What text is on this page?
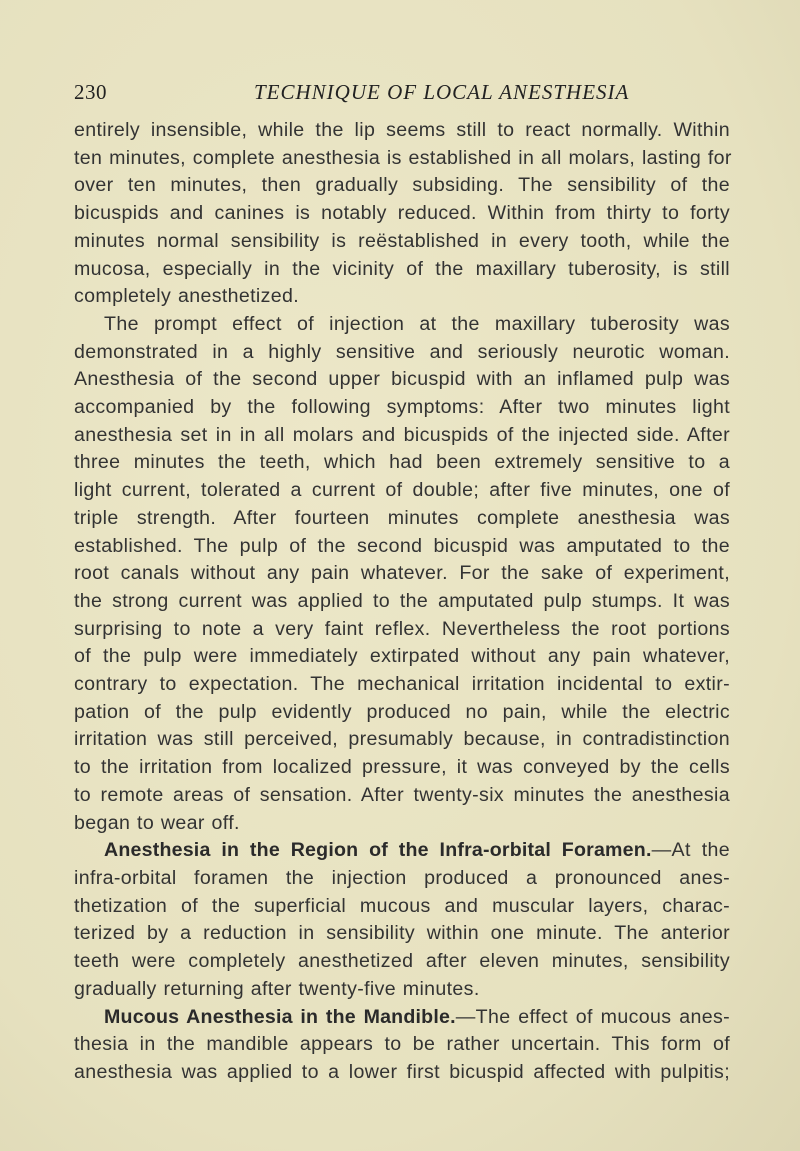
230	TECHNIQUE OF LOCAL ANESTHESIA
entirely insensible, while the lip seems still to react normally. Within
ten minutes, complete anesthesia is established in all molars, lasting for
over ten minutes, then gradually subsiding. The sensibility of the
bicuspids and canines is notably reduced. Within from thirty to forty
minutes normal sensibility is reëstablished in every tooth, while the
mucosa, especially in the vicinity of the maxillary tuberosity, is still
completely anesthetized.
The prompt effect of injection at the maxillary tuberosity was
demonstrated in a highly sensitive and seriously neurotic woman.
Anesthesia of the second upper bicuspid with an inflamed pulp was
accompanied by the following symptoms: After two minutes light
anesthesia set in in all molars and bicuspids of the injected side. After
three minutes the teeth, which had been extremely sensitive to a
light current, tolerated a current of double; after five minutes, one of
triple strength. After fourteen minutes complete anesthesia was
established. The pulp of the second bicuspid was amputated to the
root canals without any pain whatever. For the sake of experiment,
the strong current was applied to the amputated pulp stumps. It was
surprising to note a very faint reflex. Nevertheless the root portions
of the pulp were immediately extirpated without any pain whatever,
contrary to expectation. The mechanical irritation incidental to extir-
pation of the pulp evidently produced no pain, while the electric
irritation was still perceived, presumably because, in contradistinction
to the irritation from localized pressure, it was conveyed by the cells
to remote areas of sensation. After twenty-six minutes the anesthesia
began to wear off.
Anesthesia in the Region of the Infra-orbital Foramen.—At the
infra-orbital foramen the injection produced a pronounced anes-
thetization of the superficial mucous and muscular layers, charac-
terized by a reduction in sensibility within one minute. The anterior
teeth were completely anesthetized after eleven minutes, sensibility
gradually returning after twenty-five minutes.
Mucous Anesthesia in the Mandible.—The effect of mucous anes-
thesia in the mandible appears to be rather uncertain. This form of
anesthesia was applied to a lower first bicuspid affected with pulpitis;
